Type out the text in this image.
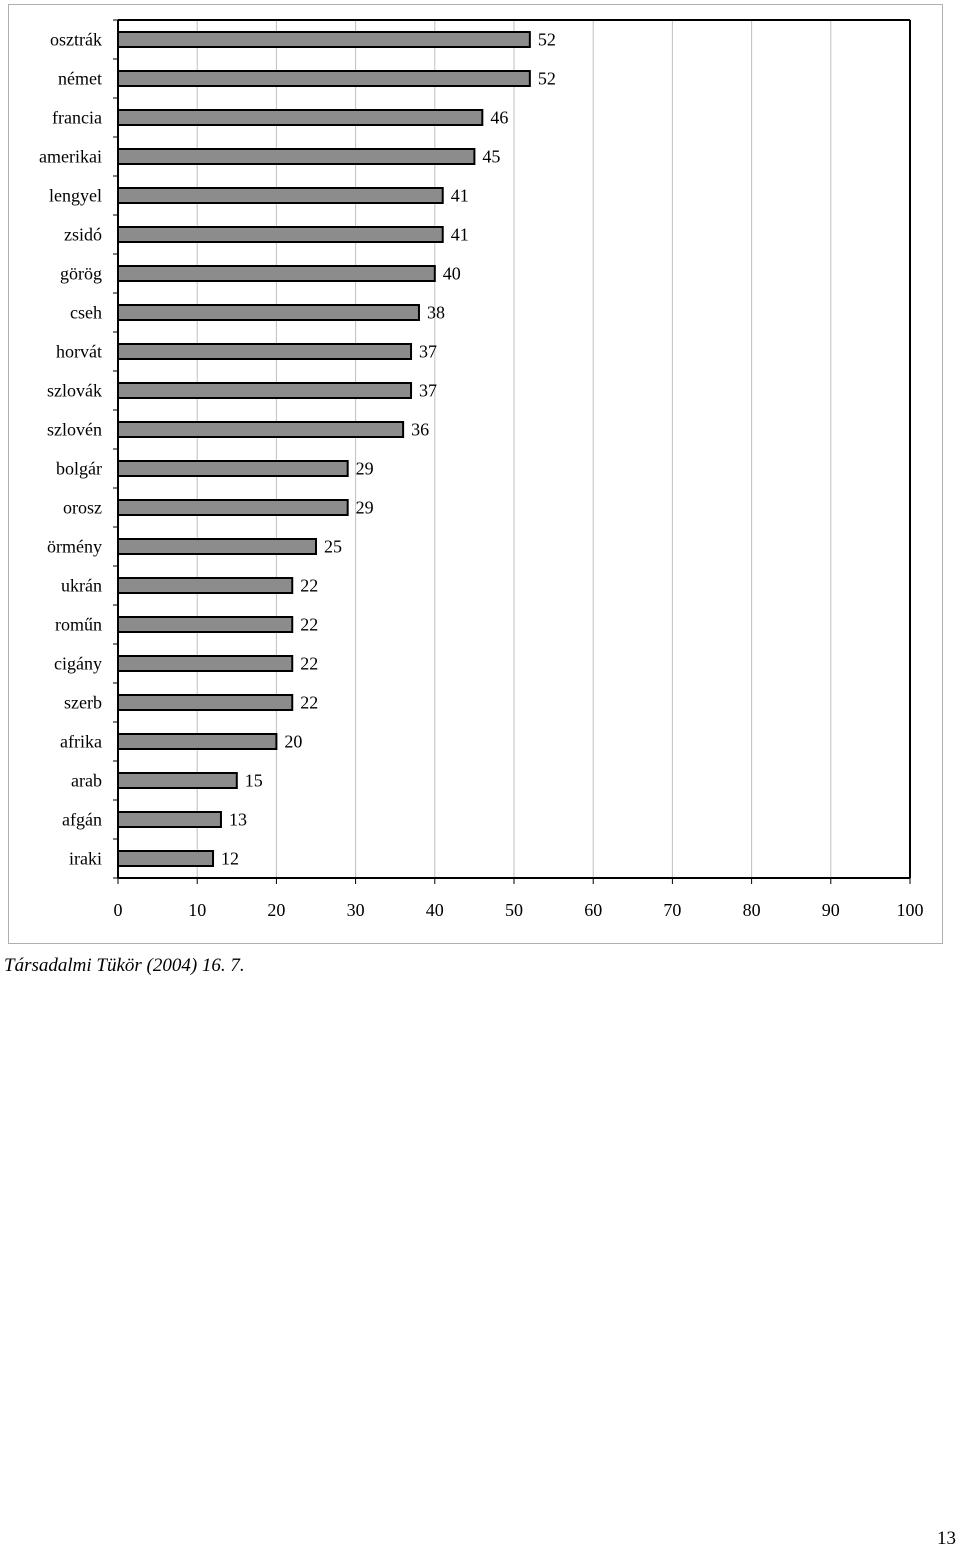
osztrák	52
német	52
francia	46
amerikai	45
lengyel	41
zsidó	41
görög	40
cseh	38
horvát	37
szlovák	37
szlovén	36
bolgár	29
orosz	29
örmény	25
ukrán	22
roműn	22
cigány	22
szerb	22
afrika	20
arab	15
afgán	13
iraki	12
0	10	20	30	40	50	60	70	80	90	100
Társadalmi Tükör (2004) 16. 7.
13
